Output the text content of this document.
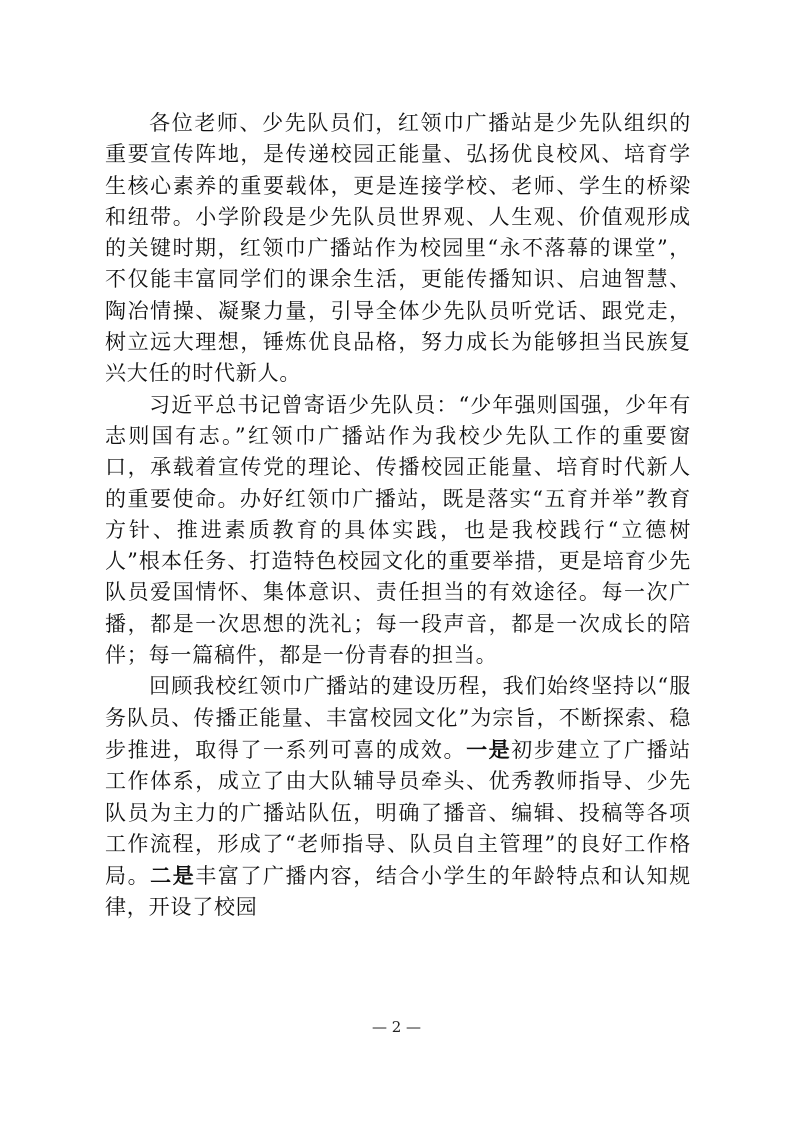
各位老师、少先队员们，红领巾广播站是少先队组织的重要宣传阵地，是传递校园正能量、弘扬优良校风、培育学生核心素养的重要载体，更是连接学校、老师、学生的桥梁和纽带。小学阶段是少先队员世界观、人生观、价值观形成的关键时期，红领巾广播站作为校园里“永不落幕的课堂”，不仅能丰富同学们的课余生活，更能传播知识、启迪智慧、陶冶情操、凝聚力量，引导全体少先队员听党话、跟党走，树立远大理想，锤炼优良品格，努力成长为能够担当民族复兴大任的时代新人。

习近平总书记曾寄语少先队员：“少年强则国强，少年有志则国有志。”红领巾广播站作为我校少先队工作的重要窗口，承载着宣传党的理论、传播校园正能量、培育时代新人的重要使命。办好红领巾广播站，既是落实“五育并举”教育方针、推进素质教育的具体实践，也是我校践行“立德树人”根本任务、打造特色校园文化的重要举措，更是培育少先队员爱国情怀、集体意识、责任担当的有效途径。每一次广播，都是一次思想的洗礼；每一段声音，都是一次成长的陪伴；每一篇稿件，都是一份青春的担当。

回顾我校红领巾广播站的建设历程，我们始终坚持以“服务队员、传播正能量、丰富校园文化”为宗旨，不断探索、稳步推进，取得了一系列可喜的成效。一是初步建立了广播站工作体系，成立了由大队辅导员牵头、优秀教师指导、少先队员为主力的广播站队伍，明确了播音、编辑、投稿等各项工作流程，形成了“老师指导、队员自主管理”的良好工作格局。二是丰富了广播内容，结合小学生的年龄特点和认知规律，开设了校园

— 2 —
